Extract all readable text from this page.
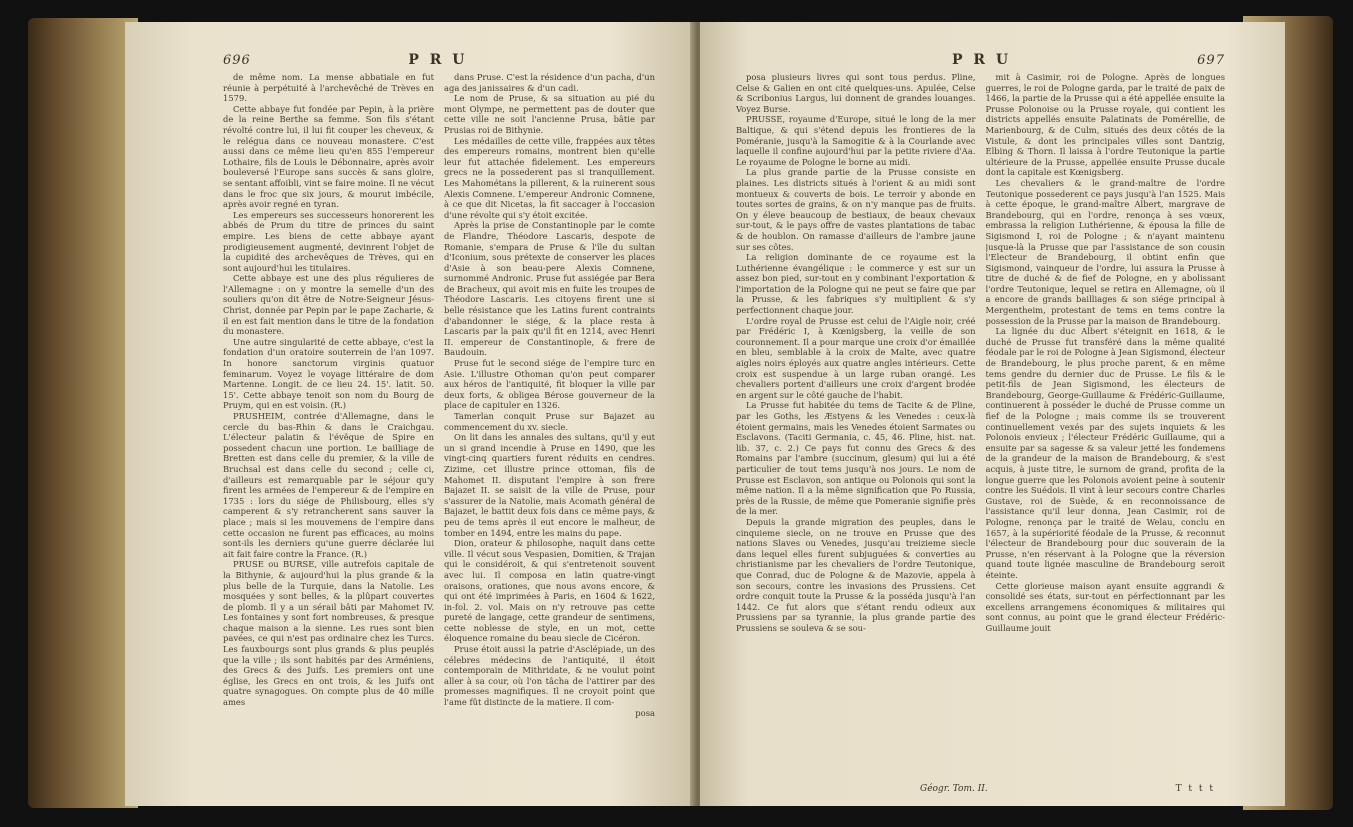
696	P R U

de même nom. La mense abbatiale en fut réunie à perpétuité à l'archevêché de Trèves en 1579.

Cette abbaye fut fondée par Pepin, à la prière de la reine Berthe sa femme. Son fils s'étant révolté contre lui, il lui fit couper les cheveux, & le relégua dans ce nouveau monastere. C'est aussi dans ce même lieu qu'en 855 l'empereur Lothaire, fils de Louis le Débonnaire, après avoir bouleversé l'Europe sans succès & sans gloire, se sentant affoibli, vint se faire moine. Il ne vécut dans le froc que six jours, & mourut imbécile, après avoir regné en tyran.

Les empereurs ses successeurs honorerent les abbés de Prum du titre de princes du saint empire. Les biens de cette abbaye ayant prodigieusement augmenté, devinrent l'objet de la cupidité des archevêques de Trèves, qui en sont aujourd'hui les titulaires.

Cette abbaye est une des plus régulieres de l'Allemagne : on y montre la semelle d'un des souliers qu'on dit être de Notre-Seigneur Jésus-Christ, donnée par Pepin par le pape Zacharie, & il en est fait mention dans le titre de la fondation du monastere.

Une autre singularité de cette abbaye, c'est la fondation d'un oratoire souterrein de l'an 1097. In honore sanctorum virginis quatuor feminarum. Voyez le voyage littéraire de dom Martenne. Longit. de ce lieu 24. 15'. latit. 50. 15'. Cette abbaye tenoit son nom du Bourg de Pruym, qui en est voisin. (R.)

PRUSHEIM, contrée d'Allemagne, dans le cercle du bas-Rhin & dans le Craichgau. L'électeur palatin & l'évêque de Spire en possedent chacun une portion. Le bailliage de Bretten est dans celle du premier, & la ville de Bruchsal est dans celle du second ; celle ci, d'ailleurs est remarquable par le séjour qu'y firent les armées de l'empereur & de l'empire en 1735 : lors du siége de Philisbourg, elles s'y camperent & s'y retrancherent sans sauver la place ; mais si les mouvemens de l'empire dans cette occasion ne furent pas efficaces, au moins sont-ils les derniers qu'une guerre déclarée lui ait fait faire contre la France. (R.)

PRUSE ou BURSE, ville autrefois capitale de la Bithynie, & aujourd'hui la plus grande & la plus belle de la Turquie, dans la Natolie. Les mosquées y sont belles, & la plûpart couvertes de plomb. Il y a un sérail bâti par Mahomet IV. Les fontaines y sont fort nombreuses, & presque chaque maison a la sienne. Les rues sont bien pavées, ce qui n'est pas ordinaire chez les Turcs. Les fauxbourgs sont plus grands & plus peuplés que la ville ; ils sont habités par des Arméniens, des Grecs & des Juifs. Les premiers ont une église, les Grecs en ont trois, & les Juifs ont quatre synagogues. On compte plus de 40 mille ames

dans Pruse. C'est la résidence d'un pacha, d'un aga des janissaires & d'un cadi.

Le nom de Pruse, & sa situation au pié du mont Olympe, ne permettent pas de douter que cette ville ne soit l'ancienne Prusa, bâtie par Prusias roi de Bithynie.

Les médailles de cette ville, frappées aux têtes des empereurs romains, montrent bien qu'elle leur fut attachée fidelement. Les empereurs grecs ne la possederent pas si tranquillement. Les Mahométans la pillerent, & la ruinerent sous Alexis Comnene. L'empereur Andronic Comnene, à ce que dit Nicetas, la fit saccager à l'occasion d'une révolte qui s'y étoit excitée.

Après la prise de Constantinople par le comte de Flandre, Théodore Lascaris, despote de Romanie, s'empara de Pruse & l'île du sultan d'Iconium, sous prétexte de conserver les places d'Asie à son beau-pere Alexis Comnene, surnommé Andronic. Pruse fut assiégée par Bera de Bracheux, qui avoit mis en fuite les troupes de Théodore Lascaris. Les citoyens firent une si belle résistance que les Latins furent contraints d'abandonner le siége, & la place resta à Lascaris par la paix qu'il fit en 1214, avec Henri II. empereur de Constantinople, & frere de Baudouin.

Pruse fut le second siége de l'empire turc en Asie. L'illustre Othoman qu'on peut comparer aux héros de l'antiquité, fit bloquer la ville par deux forts, & obligea Bérose gouverneur de la place de capituler en 1326.

Tamerlan conquit Pruse sur Bajazet au commencement du xv. siecle.

On lit dans les annales des sultans, qu'il y eut un si grand incendie à Pruse en 1490, que les vingt-cinq quartiers furent réduits en cendres. Zizime, cet illustre prince ottoman, fils de Mahomet II. disputant l'empire à son frere Bajazet II. se saisit de la ville de Pruse, pour s'assurer de la Natolie, mais Acomath général de Bajazet, le battit deux fois dans ce même pays, & peu de tems après il eut encore le malheur, de tomber en 1494, entre les mains du pape.

Dion, orateur & philosophe, naquit dans cette ville. Il vécut sous Vespasien, Domitien, & Trajan qui le considéroit, & qui s'entretenoit souvent avec lui. Il composa en latin quatre-vingt oraisons, orationes, que nous avons encore, & qui ont été imprimées à Paris, en 1604 & 1622, in-fol. 2. vol. Mais on n'y retrouve pas cette pureté de langage, cette grandeur de sentimens, cette noblesse de style, en un mot, cette éloquence romaine du beau siecle de Cicéron.

Pruse étoit aussi la patrie d'Asclépiade, un des célebres médecins de l'antiquité, il étoit contemporain de Mithridate, & ne voulut point aller à sa cour, où l'on tâcha de l'attirer par des promesses magnifiques. Il ne croyoit point que l'ame fût distincte de la matiere. Il com-

posa

P R U	697

posa plusieurs livres qui sont tous perdus. Pline, Celse & Galien en ont cité quelques-uns. Apulée, Celse & Scribonius Largus, lui donnent de grandes louanges. Voyez Burse.

PRUSSE, royaume d'Europe, situé le long de la mer Baltique, & qui s'étend depuis les frontieres de la Poméranie, jusqu'à la Samogitie & à la Courlande avec laquelle il confine aujourd'hui par la petite riviere d'Aa. Le royaume de Pologne le borne au midi.

La plus grande partie de la Prusse consiste en plaines. Les districts situés à l'orient & au midi sont montueux & couverts de bois. Le terroir y abonde en toutes sortes de grains, & on n'y manque pas de fruits. On y éleve beaucoup de bestiaux, de beaux chevaux sur-tout, & le pays offre de vastes plantations de tabac & de houblon. On ramasse d'ailleurs de l'ambre jaune sur ses côtes.

La religion dominante de ce royaume est la Luthérienne évangélique : le commerce y est sur un assez bon pied, sur-tout en y combinant l'exportation & l'importation de la Pologne qui ne peut se faire que par la Prusse, & les fabriques s'y multiplient & s'y perfectionnent chaque jour.

L'ordre royal de Prusse est celui de l'Aigle noir, créé par Frédéric I, à Kœnigsberg, la veille de son couronnement. Il a pour marque une croix d'or émaillée en bleu, semblable à la croix de Malte, avec quatre aigles noirs éployés aux quatre angles intérieurs. Cette croix est suspendue à un large ruban orangé. Les chevaliers portent d'ailleurs une croix d'argent brodée en argent sur le côté gauche de l'habit.

La Prusse fut habitée du tems de Tacite & de Pline, par les Goths, les Æstyens & les Venedes : ceux-là étoient germains, mais les Venedes étoient Sarmates ou Esclavons. (Taciti Germania, c. 45, 46. Pline, hist. nat. lib. 37, c. 2.) Ce pays fut connu des Grecs & des Romains par l'ambre (succinum, glesum) qui lui a été particulier de tout tems jusqu'à nos jours. Le nom de Prusse est Esclavon, son antique ou Polonois qui sont la même nation. Il a la même signification que Po Russia, près de la Russie, de même que Pomeranie signifie près de la mer.

Depuis la grande migration des peuples, dans le cinquieme siecle, on ne trouve en Prusse que des nations Slaves ou Venedes, jusqu'au treizieme siecle dans lequel elles furent subjuguées & converties au christianisme par les chevaliers de l'ordre Teutonique, que Conrad, duc de Pologne & de Mazovie, appela à son secours, contre les invasions des Prussiens. Cet ordre conquit toute la Prusse & la posséda jusqu'à l'an 1442. Ce fut alors que s'étant rendu odieux aux Prussiens par sa tyrannie, la plus grande partie des Prussiens se souleva & se sou-

mit à Casimir, roi de Pologne. Après de longues guerres, le roi de Pologne garda, par le traité de paix de 1466, la partie de la Prusse qui a été appellée ensuite la Prusse Polonoise ou la Prusse royale, qui contient les districts appellés ensuite Palatinats de Pomérellie, de Marienbourg, & de Culm, situés des deux côtés de la Vistule, & dont les principales villes sont Dantzig, Elbing & Thorn. Il laissa à l'ordre Teutonique la partie ultérieure de la Prusse, appellée ensuite Prusse ducale dont la capitale est Kœnigsberg.

Les chevaliers & le grand-maître de l'ordre Teutonique possederent ce pays jusqu'à l'an 1525. Mais à cette époque, le grand-maître Albert, margrave de Brandebourg, qui en l'ordre, renonça à ses vœux, embrassa la religion Luthérienne, & épousa la fille de Sigismond I, roi de Pologne ; & n'ayant maintenu jusque-là la Prusse que par l'assistance de son cousin l'Electeur de Brandebourg, il obtint enfin que Sigismond, vainqueur de l'ordre, lui assura la Prusse à titre de duché & de fief de Pologne, en y abolissant l'ordre Teutonique, lequel se retira en Allemagne, où il a encore de grands bailliages & son siége principal à Mergentheim, protestant de tems en tems contre la possession de la Prusse par la maison de Brandebourg.

La lignée du duc Albert s'éteignit en 1618, & le duché de Prusse fut transféré dans la même qualité féodale par le roi de Pologne à Jean Sigismond, électeur de Brandebourg, le plus proche parent, & en même tems gendre du dernier duc de Prusse. Le fils & le petit-fils de Jean Sigismond, les électeurs de Brandebourg, George-Guillaume & Frédéric-Guillaume, continuerent à posséder le duché de Prusse comme un fief de la Pologne ; mais comme ils se trouverent continuellement vexés par des sujets inquiets & les Polonois envieux ; l'électeur Frédéric Guillaume, qui a ensuite par sa sagesse & sa valeur jetté les fondemens de la grandeur de la maison de Brandebourg, & s'est acquis, à juste titre, le surnom de grand, profita de la longue guerre que les Polonois avoient peine à soutenir contre les Suédois. Il vint à leur secours contre Charles Gustave, roi de Suède, & en reconnoissance de l'assistance qu'il leur donna, Jean Casimir, roi de Pologne, renonça par le traité de Welau, conclu en 1657, à la supériorité féodale de la Prusse, & reconnut l'électeur de Brandebourg pour duc souverain de la Prusse, n'en réservant à la Pologne que la réversion quand toute lignée masculine de Brandebourg seroit éteinte.

Cette glorieuse maison ayant ensuite aggrandi & consolidé ses états, sur-tout en pérfectionnant par les excellens arrangemens économiques & militaires qui sont connus, au point que le grand électeur Frédéric-Guillaume jouit

Géogr. Tom. II.	T t t t
